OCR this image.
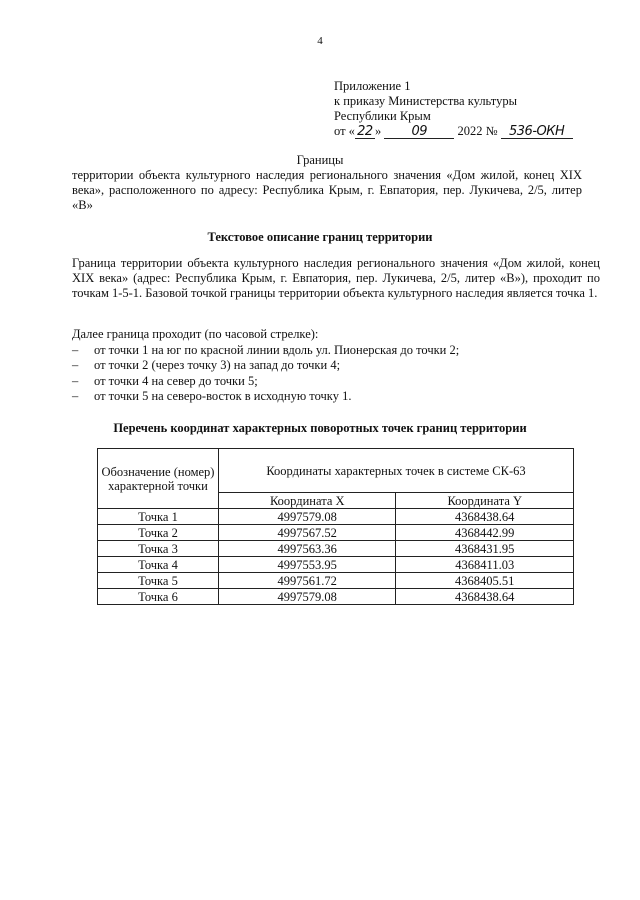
4
Приложение 1
к приказу Министерства культуры
Республики Крым
от « 22 » 09 2022 № 536-ОКН
Границы
территории объекта культурного наследия регионального значения «Дом жилой, конец XIX века», расположенного по адресу: Республика Крым, г. Евпатория, пер. Лукичева, 2/5, литер «В»
Текстовое описание границ территории
Граница территории объекта культурного наследия регионального значения «Дом жилой, конец XIX века» (адрес: Республика Крым, г. Евпатория, пер. Лукичева, 2/5, литер «В»), проходит по точкам 1-5-1. Базовой точкой границы территории объекта культурного наследия является точка 1.
Далее граница проходит (по часовой стрелке):
–	от точки 1 на юг по красной линии вдоль ул. Пионерская до точки 2;
–	от точки 2 (через точку 3) на запад до точки 4;
–	от точки 4 на север до точки 5;
–	от точки 5 на северо-восток в исходную точку 1.
Перечень координат характерных поворотных точек границ территории
Обозначение (номер) характерной точки	Координаты характерных точек в системе СК-63	
	Координата X	Координата Y
Точка 1	4997579.08	4368438.64
Точка 2	4997567.52	4368442.99
Точка 3	4997563.36	4368431.95
Точка 4	4997553.95	4368411.03
Точка 5	4997561.72	4368405.51
Точка 6	4997579.08	4368438.64
